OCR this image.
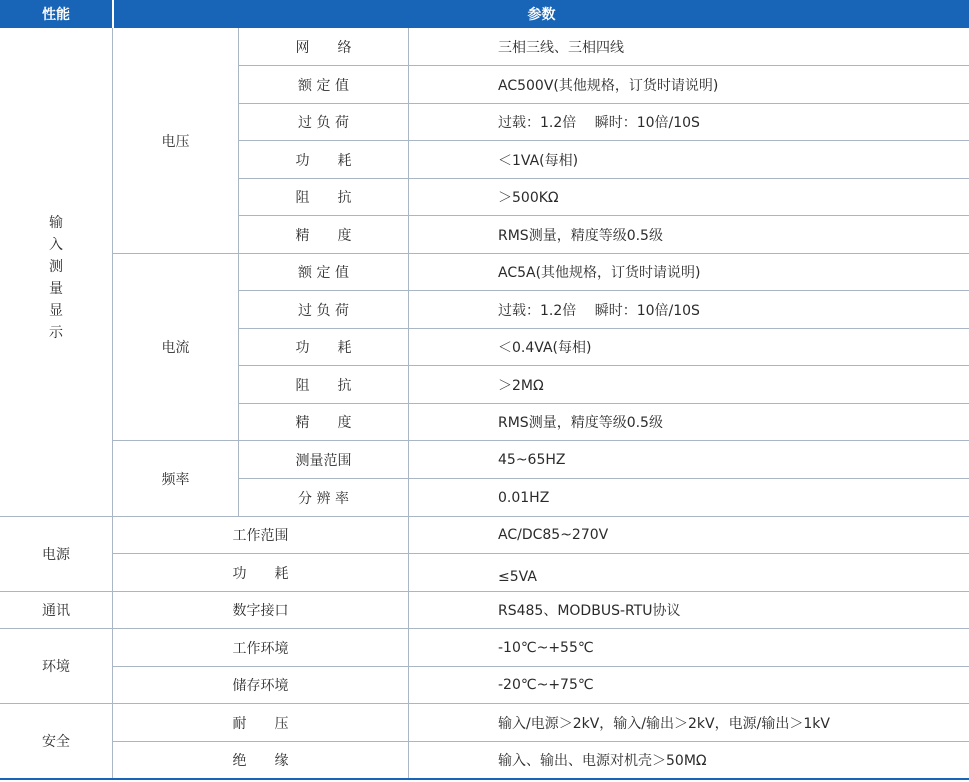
性能	参数
输
入
测
量
显
示
电压
网　　络	三相三线、三相四线
额 定 值	AC500V(其他规格，订货时请说明)
过 负 荷	过载：1.2倍　 瞬时：10倍/10S
功　　耗	＜1VA(每相)
阻　　抗	＞500KΩ
精　　度	RMS测量，精度等级0.5级
电流
额 定 值	AC5A(其他规格，订货时请说明)
过 负 荷	过载：1.2倍　 瞬时：10倍/10S
功　　耗	＜0.4VA(每相)
阻　　抗	＞2MΩ
精　　度	RMS测量，精度等级0.5级
频率
测量范围	45~65HZ
分 辨 率	0.01HZ
电源
工作范围	AC/DC85~270V
功　　耗	≤5VA
通讯	数字接口	RS485、MODBUS-RTU协议
环境
工作环境	-10℃~+55℃
储存环境	-20℃~+75℃
安全
耐　　压	输入/电源＞2kV，输入/输出＞2kV，电源/输出＞1kV
绝　　缘	输入、输出、电源对机壳＞50MΩ
